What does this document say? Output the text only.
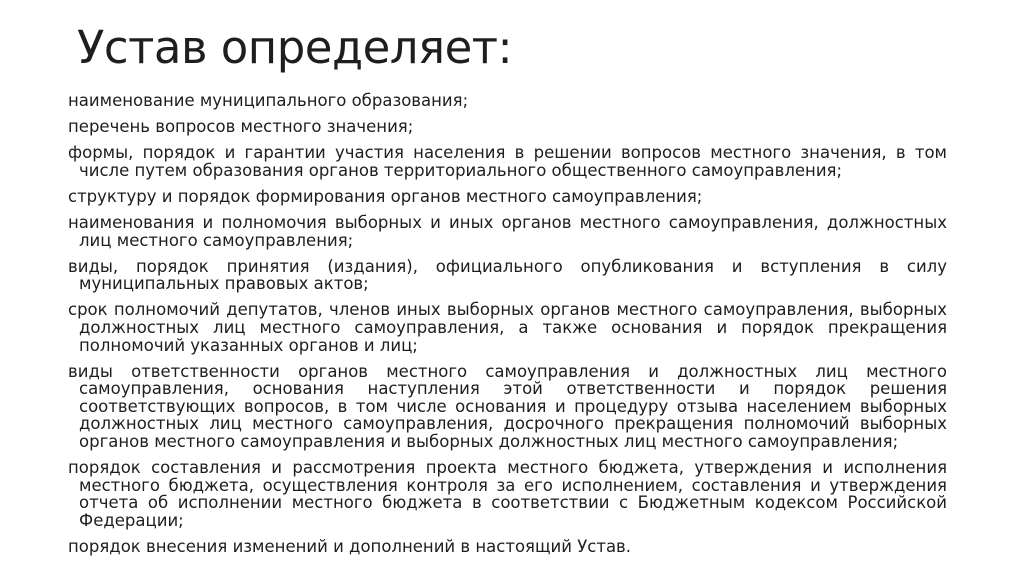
Устав определяет:

наименование муниципального образования;

перечень вопросов местного значения;

формы, порядок и гарантии участия населения в решении вопросов местного значения, в том числе путем образования органов территориального общественного самоуправления;

структуру и порядок формирования органов местного самоуправления;

наименования и полномочия выборных и иных органов местного самоуправления, должностных лиц местного самоуправления;

виды, порядок принятия (издания), официального опубликования и вступления в силу муниципальных правовых актов;

срок полномочий депутатов, членов иных выборных органов местного самоуправления, выборных должностных лиц местного самоуправления, а также основания и порядок прекращения полномочий указанных органов и лиц;

виды ответственности органов местного самоуправления и должностных лиц местного самоуправления, основания наступления этой ответственности и порядок решения соответствующих вопросов, в том числе основания и процедуру отзыва населением выборных должностных лиц местного самоуправления, досрочного прекращения полномочий выборных органов местного самоуправления и выборных должностных лиц местного самоуправления;

порядок составления и рассмотрения проекта местного бюджета, утверждения и исполнения местного бюджета, осуществления контроля за его исполнением, составления и утверждения отчета об исполнении местного бюджета в соответствии с Бюджетным кодексом Российской Федерации;

порядок внесения изменений и дополнений в настоящий Устав.
